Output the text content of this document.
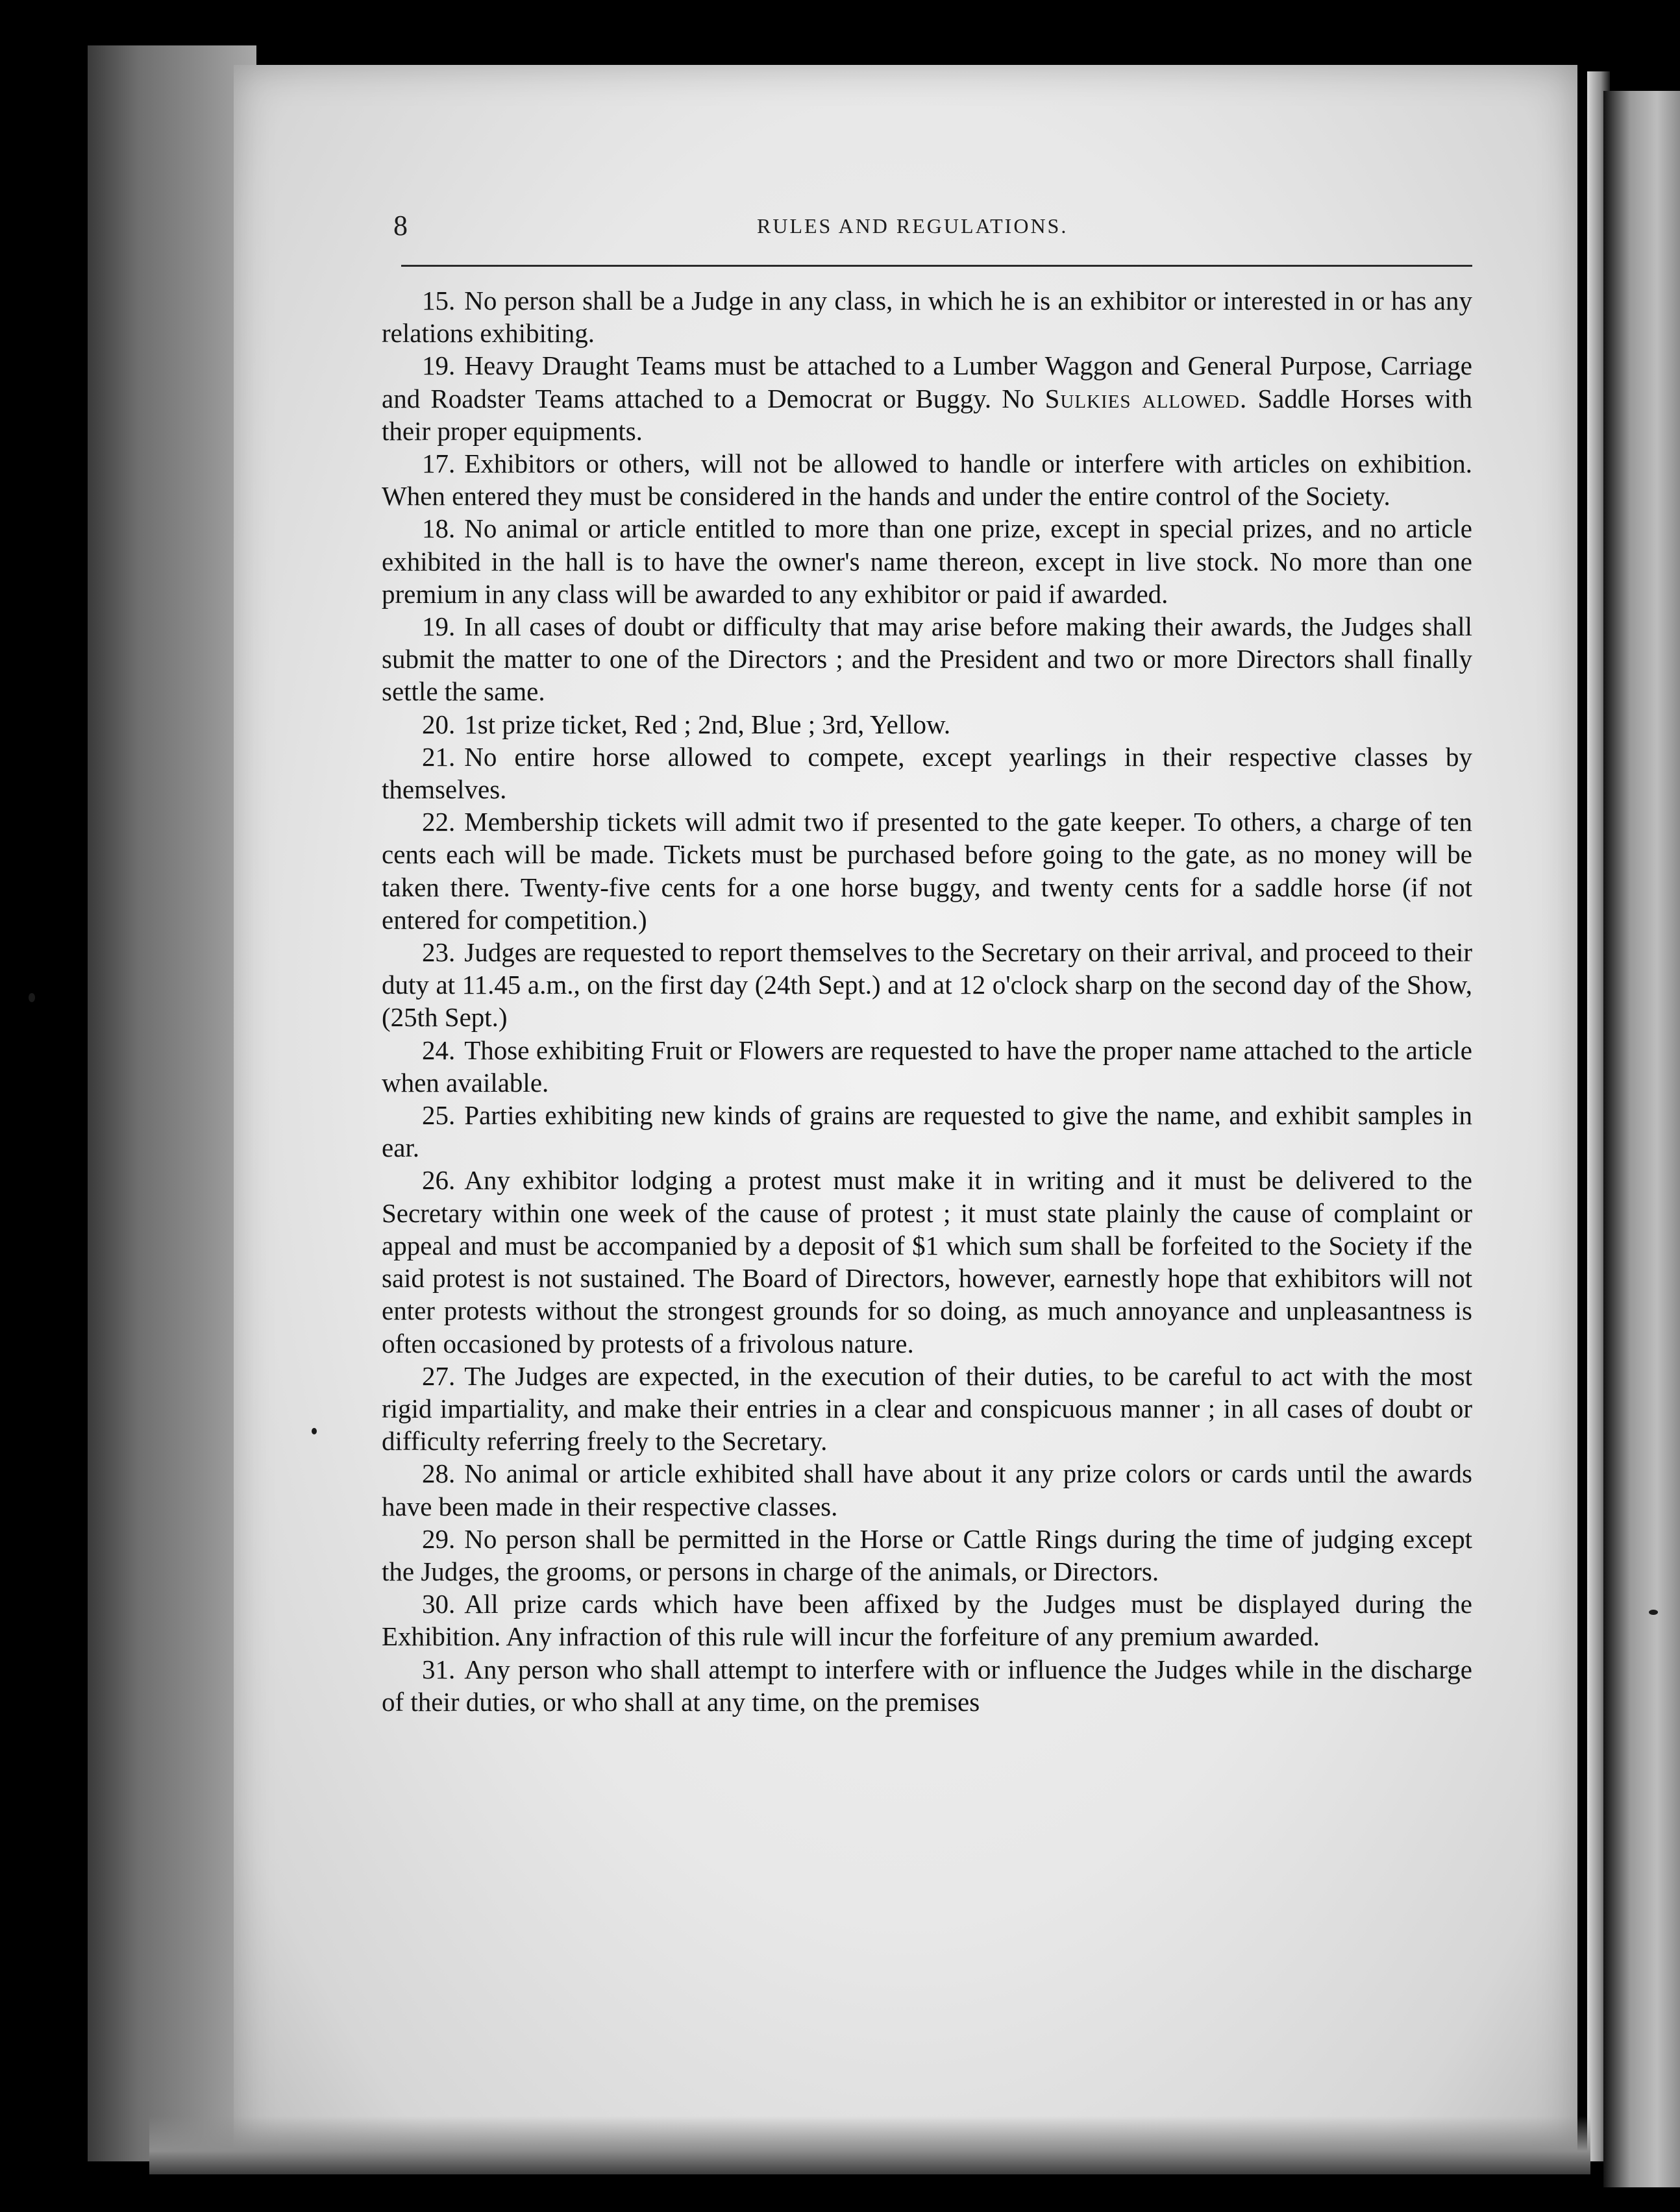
8	RULES AND REGULATIONS.

15. No person shall be a Judge in any class, in which he is an exhibitor or interested in or has any relations exhibiting.

19. Heavy Draught Teams must be attached to a Lumber Waggon and General Purpose, Carriage and Roadster Teams attached to a Democrat or Buggy. No Sulkies allowed. Saddle Horses with their proper equipments.

17. Exhibitors or others, will not be allowed to handle or interfere with articles on exhibition. When entered they must be considered in the hands and under the entire control of the Society.

18. No animal or article entitled to more than one prize, except in special prizes, and no article exhibited in the hall is to have the owner's name thereon, except in live stock. No more than one premium in any class will be awarded to any exhibitor or paid if awarded.

19. In all cases of doubt or difficulty that may arise before making their awards, the Judges shall submit the matter to one of the Directors ; and the President and two or more Directors shall finally settle the same.

20. 1st prize ticket, Red ; 2nd, Blue ; 3rd, Yellow.

21. No entire horse allowed to compete, except yearlings in their respective classes by themselves.

22. Membership tickets will admit two if presented to the gate keeper. To others, a charge of ten cents each will be made. Tickets must be purchased before going to the gate, as no money will be taken there. Twenty-five cents for a one horse buggy, and twenty cents for a saddle horse (if not entered for competition.)

23. Judges are requested to report themselves to the Secretary on their arrival, and proceed to their duty at 11.45 a.m., on the first day (24th Sept.) and at 12 o'clock sharp on the second day of the Show, (25th Sept.)

24. Those exhibiting Fruit or Flowers are requested to have the proper name attached to the article when available.

25. Parties exhibiting new kinds of grains are requested to give the name, and exhibit samples in ear.

26. Any exhibitor lodging a protest must make it in writing and it must be delivered to the Secretary within one week of the cause of protest ; it must state plainly the cause of complaint or appeal and must be accompanied by a deposit of $1 which sum shall be forfeited to the Society if the said protest is not sustained. The Board of Directors, however, earnestly hope that exhibitors will not enter protests without the strongest grounds for so doing, as much annoyance and unpleasantness is often occasioned by protests of a frivolous nature.

27. The Judges are expected, in the execution of their duties, to be careful to act with the most rigid impartiality, and make their entries in a clear and conspicuous manner ; in all cases of doubt or difficulty referring freely to the Secretary.

28. No animal or article exhibited shall have about it any prize colors or cards until the awards have been made in their respective classes.

29. No person shall be permitted in the Horse or Cattle Rings during the time of judging except the Judges, the grooms, or persons in charge of the animals, or Directors.

30. All prize cards which have been affixed by the Judges must be displayed during the Exhibition. Any infraction of this rule will incur the forfeiture of any premium awarded.

31. Any person who shall attempt to interfere with or influence the Judges while in the discharge of their duties, or who shall at any time, on the premises
